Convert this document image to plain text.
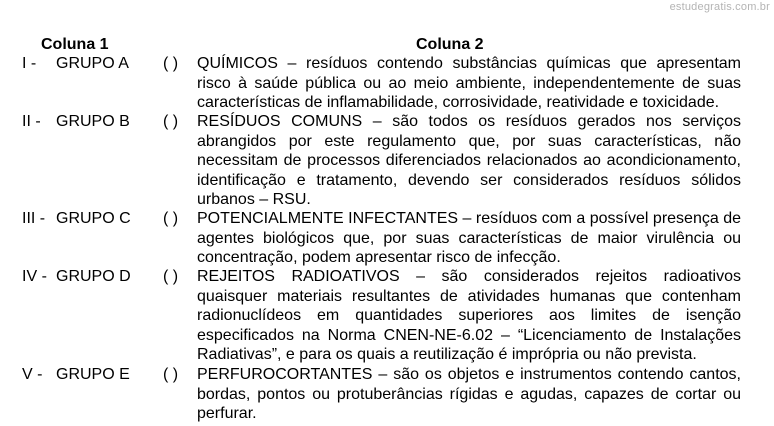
estudegratis.com.br
Coluna 1	Coluna 2
I - GRUPO A ( ) QUÍMICOS – resíduos contendo substâncias químicas que apresentam risco à saúde pública ou ao meio ambiente, independentemente de suas características de inflamabilidade, corrosividade, reatividade e toxicidade.
II - GRUPO B ( ) RESÍDUOS COMUNS – são todos os resíduos gerados nos serviços abrangidos por este regulamento que, por suas características, não necessitam de processos diferenciados relacionados ao acondicionamento, identificação e tratamento, devendo ser considerados resíduos sólidos urbanos – RSU.
III - GRUPO C ( ) POTENCIALMENTE INFECTANTES – resíduos com a possível presença de agentes biológicos que, por suas características de maior virulência ou concentração, podem apresentar risco de infecção.
IV - GRUPO D ( ) REJEITOS RADIOATIVOS – são considerados rejeitos radioativos quaisquer materiais resultantes de atividades humanas que contenham radionuclídeos em quantidades superiores aos limites de isenção especificados na Norma CNEN-NE-6.02 – “Licenciamento de Instalações Radiativas”, e para os quais a reutilização é imprópria ou não prevista.
V - GRUPO E ( ) PERFUROCORTANTES – são os objetos e instrumentos contendo cantos, bordas, pontos ou protuberâncias rígidas e agudas, capazes de cortar ou perfurar.
